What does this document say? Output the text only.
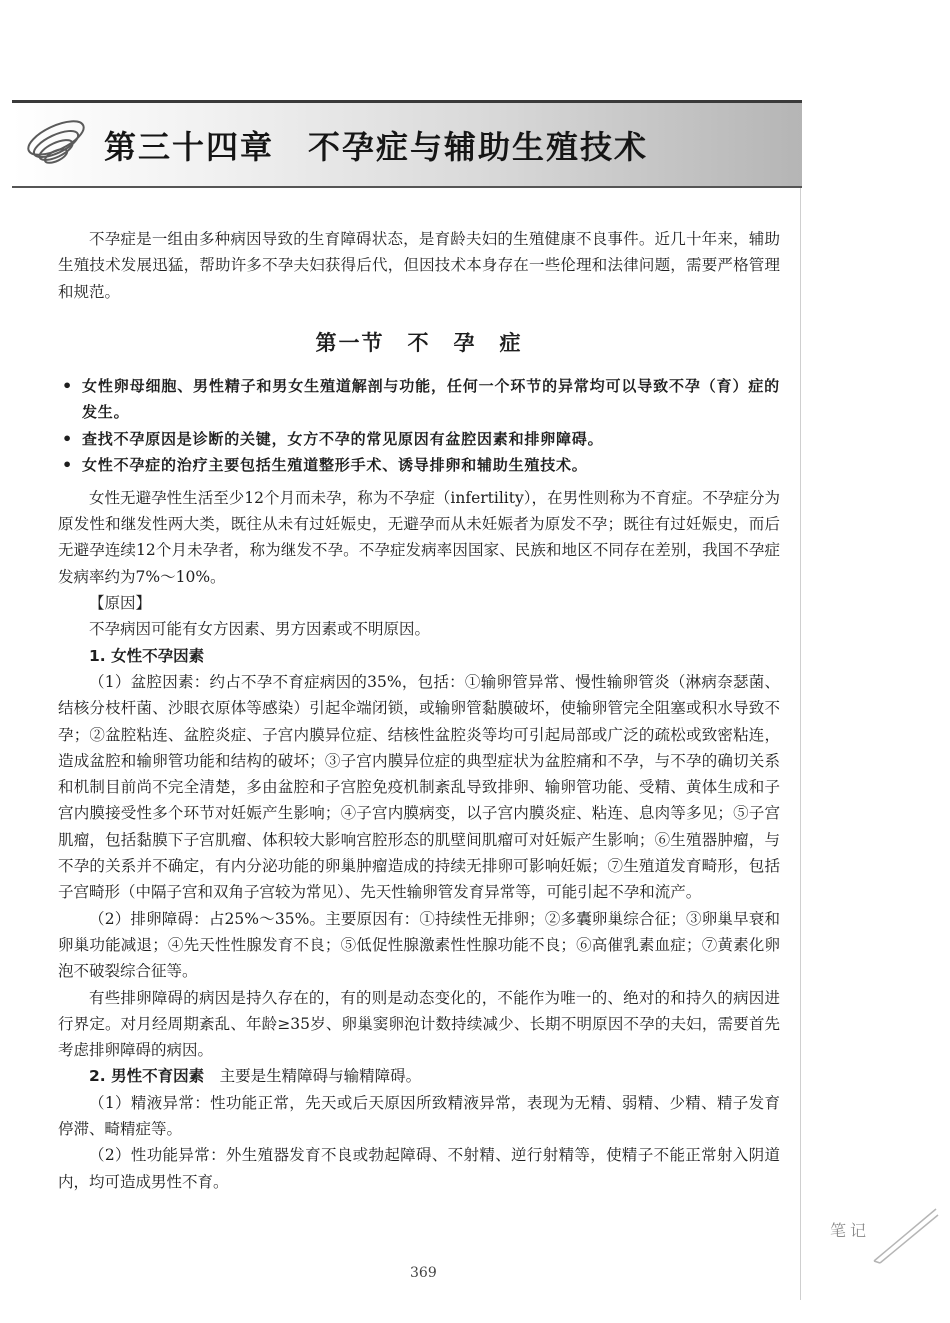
第三十四章　不孕症与辅助生殖技术

不孕症是一组由多种病因导致的生育障碍状态，是育龄夫妇的生殖健康不良事件。近几十年来，辅助生殖技术发展迅猛，帮助许多不孕夫妇获得后代，但因技术本身存在一些伦理和法律问题，需要严格管理和规范。

第一节　不　孕　症
• 女性卵母细胞、男性精子和男女生殖道解剖与功能，任何一个环节的异常均可以导致不孕（育）症的发生。
• 查找不孕原因是诊断的关键，女方不孕的常见原因有盆腔因素和排卵障碍。
• 女性不孕症的治疗主要包括生殖道整形手术、诱导排卵和辅助生殖技术。

女性无避孕性生活至少12个月而未孕，称为不孕症（infertility），在男性则称为不育症。不孕症分为原发性和继发性两大类，既往从未有过妊娠史，无避孕而从未妊娠者为原发不孕；既往有过妊娠史，而后无避孕连续12个月未孕者，称为继发不孕。不孕症发病率因国家、民族和地区不同存在差别，我国不孕症发病率约为7%～10%。

【原因】

不孕病因可能有女方因素、男方因素或不明原因。

1. 女性不孕因素

（1）盆腔因素：约占不孕不育症病因的35%，包括：①输卵管异常、慢性输卵管炎（淋病奈瑟菌、结核分枝杆菌、沙眼衣原体等感染）引起伞端闭锁，或输卵管黏膜破坏，使输卵管完全阻塞或积水导致不孕；②盆腔粘连、盆腔炎症、子宫内膜异位症、结核性盆腔炎等均可引起局部或广泛的疏松或致密粘连，造成盆腔和输卵管功能和结构的破坏；③子宫内膜异位症的典型症状为盆腔痛和不孕，与不孕的确切关系和机制目前尚不完全清楚，多由盆腔和子宫腔免疫机制紊乱导致排卵、输卵管功能、受精、黄体生成和子宫内膜接受性多个环节对妊娠产生影响；④子宫内膜病变，以子宫内膜炎症、粘连、息肉等多见；⑤子宫肌瘤，包括黏膜下子宫肌瘤、体积较大影响宫腔形态的肌壁间肌瘤可对妊娠产生影响；⑥生殖器肿瘤，与不孕的关系并不确定，有内分泌功能的卵巢肿瘤造成的持续无排卵可影响妊娠；⑦生殖道发育畸形，包括子宫畸形（中隔子宫和双角子宫较为常见）、先天性输卵管发育异常等，可能引起不孕和流产。

（2）排卵障碍：占25%～35%。主要原因有：①持续性无排卵；②多囊卵巢综合征；③卵巢早衰和卵巢功能减退；④先天性性腺发育不良；⑤低促性腺激素性性腺功能不良；⑥高催乳素血症；⑦黄素化卵泡不破裂综合征等。

有些排卵障碍的病因是持久存在的，有的则是动态变化的，不能作为唯一的、绝对的和持久的病因进行界定。对月经周期紊乱、年龄≥35岁、卵巢窦卵泡计数持续减少、长期不明原因不孕的夫妇，需要首先考虑排卵障碍的病因。

2. 男性不育因素　主要是生精障碍与输精障碍。

（1）精液异常：性功能正常，先天或后天原因所致精液异常，表现为无精、弱精、少精、精子发育停滞、畸精症等。

（2）性功能异常：外生殖器发育不良或勃起障碍、不射精、逆行射精等，使精子不能正常射入阴道内，均可造成男性不育。

笔记
369
